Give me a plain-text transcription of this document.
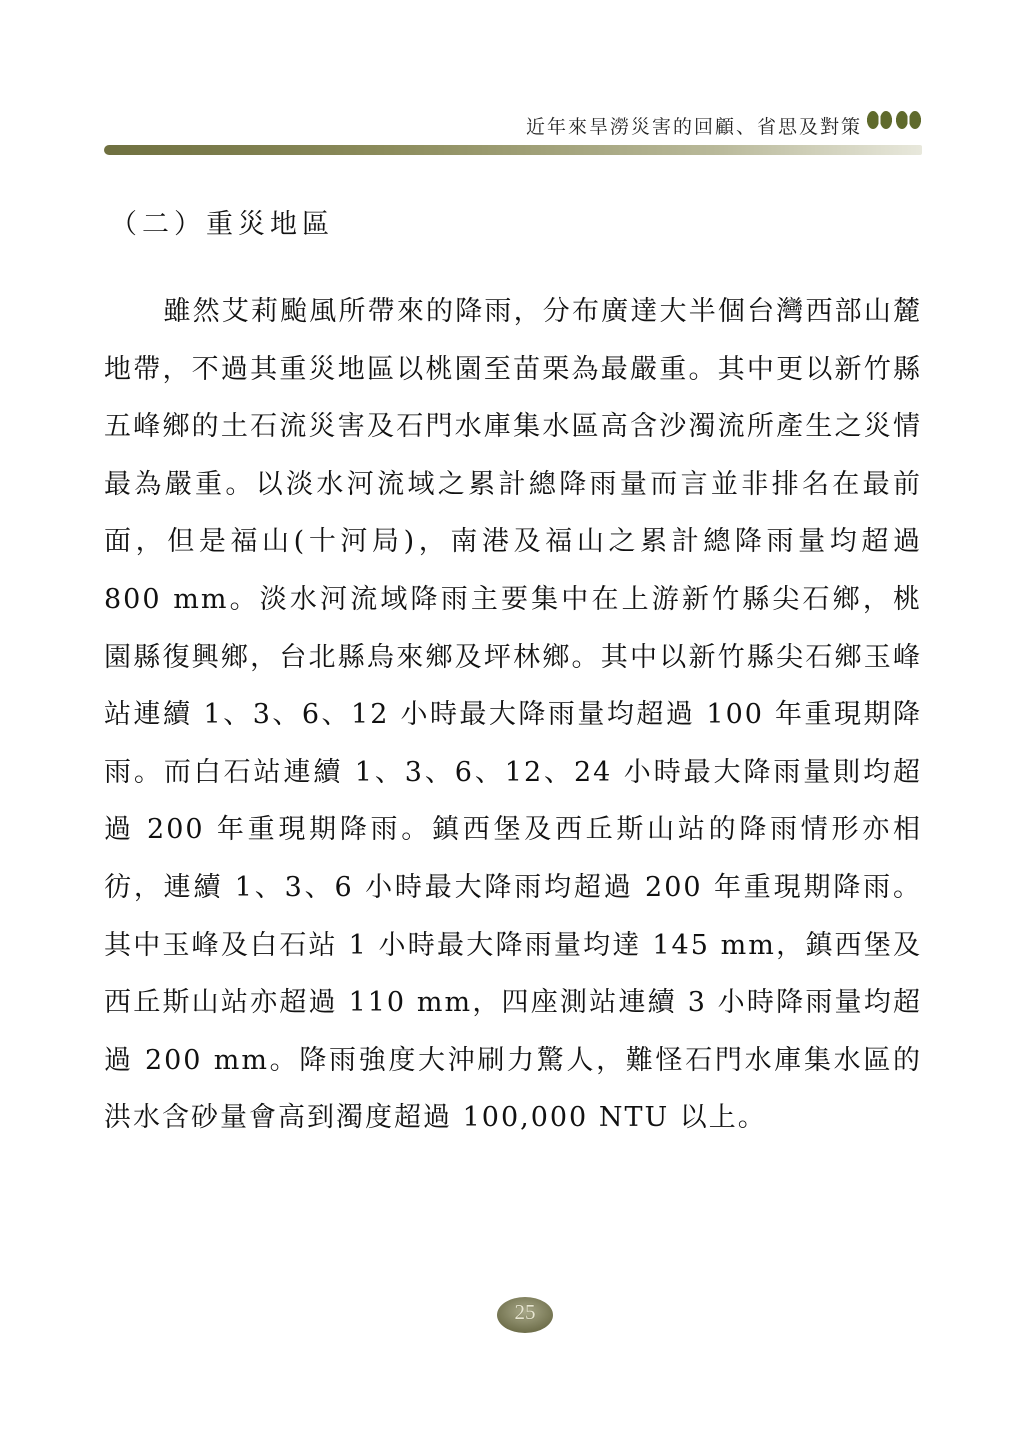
近年來旱澇災害的回顧、省思及對策
（二）重災地區

雖然艾莉颱風所帶來的降雨，分布廣達大半個台灣西部山麓地帶，不過其重災地區以桃園至苗栗為最嚴重。其中更以新竹縣五峰鄉的土石流災害及石門水庫集水區高含沙濁流所產生之災情最為嚴重。以淡水河流域之累計總降雨量而言並非排名在最前面，但是福山(十河局)，南港及福山之累計總降雨量均超過 800 mm。淡水河流域降雨主要集中在上游新竹縣尖石鄉，桃園縣復興鄉，台北縣烏來鄉及坪林鄉。其中以新竹縣尖石鄉玉峰站連續 1、3、6、12 小時最大降雨量均超過 100 年重現期降雨。而白石站連續 1、3、6、12、24 小時最大降雨量則均超過 200 年重現期降雨。鎮西堡及西丘斯山站的降雨情形亦相彷，連續 1、3、6 小時最大降雨均超過 200 年重現期降雨。其中玉峰及白石站 1 小時最大降雨量均達 145 mm，鎮西堡及西丘斯山站亦超過 110 mm，四座測站連續 3 小時降雨量均超過 200 mm。降雨強度大沖刷力驚人，難怪石門水庫集水區的洪水含砂量會高到濁度超過 100,000 NTU 以上。

25
